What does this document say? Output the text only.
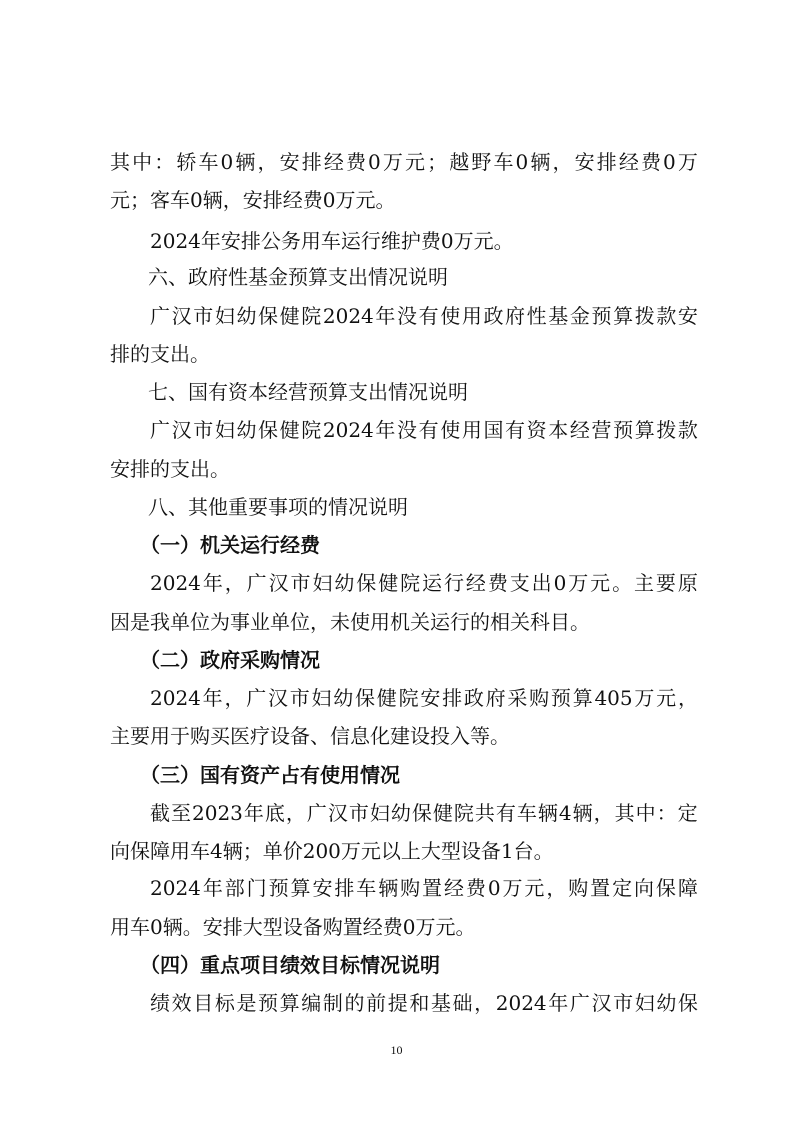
其 中 ： 轿 车 0 辆 ， 安 排 经 费 0 万 元 ； 越 野 车 0 辆 ， 安 排 经 费 0 万
元；客车0辆，安排经费0万元。
2024年安排公务用车运行维护费0万元。
六、政府性基金预算支出情况说明
广 汉 市 妇 幼 保 健 院 2024 年 没 有 使 用 政 府 性 基 金 预 算 拨 款 安
排的支出。
七、国有资本经营预算支出情况说明
广 汉 市 妇 幼 保 健 院 2024 年 没 有 使 用 国 有 资 本 经 营 预 算 拨 款
安排的支出。
八、其他重要事项的情况说明
（一）机关运行经费
2024 年 ， 广 汉 市 妇 幼 保 健 院 运 行 经 费 支 出 0 万 元 。 主 要 原
因是我单位为事业单位，未使用机关运行的相关科目。
（二）政府采购情况
2024 年 ， 广 汉 市 妇 幼 保 健 院 安 排 政 府 采 购 预 算 405 万 元 ，
主要用于购买医疗设备、信息化建设投入等。
（三）国有资产占有使用情况
截 至 2023 年 底 ， 广 汉 市 妇 幼 保 健 院 共 有 车 辆 4 辆 ， 其 中 ： 定
向保障用车4辆；单价200万元以上大型设备1台。
2024 年 部 门 预 算 安 排 车 辆 购 置 经 费 0 万 元 ， 购 置 定 向 保 障
用车0辆。安排大型设备购置经费0万元。
（四）重点项目绩效目标情况说明
绩 效 目 标 是 预 算 编 制 的 前 提 和 基 础 ， 2024 年 广 汉 市 妇 幼 保
10
